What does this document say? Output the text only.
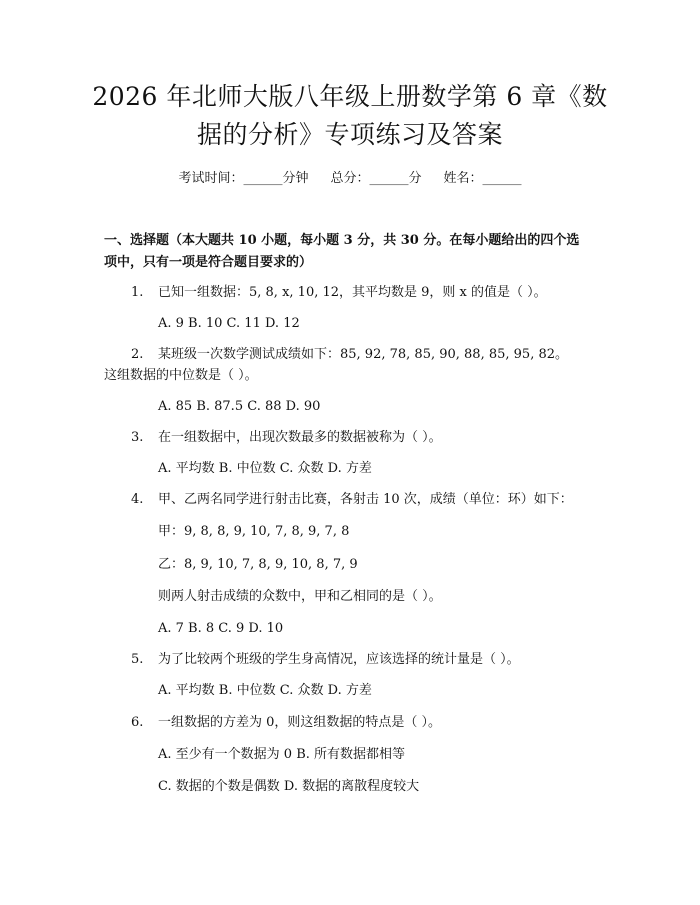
2026 年北师大版八年级上册数学第 6 章《数
据的分析》专项练习及答案
考试时间：______分钟 总分：______分 姓名：______
一、选择题（本大题共 10 小题，每小题 3 分，共 30 分。在每小题给出的四个选
项中，只有一项是符合题目要求的）
1. 已知一组数据：5, 8, x, 10, 12，其平均数是 9，则 x 的值是（ ）。
A. 9 B. 10 C. 11 D. 12
2. 某班级一次数学测试成绩如下：85, 92, 78, 85, 90, 88, 85, 95, 82。
这组数据的中位数是（ ）。
A. 85 B. 87.5 C. 88 D. 90
3. 在一组数据中，出现次数最多的数据被称为（ ）。
A. 平均数 B. 中位数 C. 众数 D. 方差
4. 甲、乙两名同学进行射击比赛，各射击 10 次，成绩（单位：环）如下：
甲：9, 8, 8, 9, 10, 7, 8, 9, 7, 8
乙：8, 9, 10, 7, 8, 9, 10, 8, 7, 9
则两人射击成绩的众数中，甲和乙相同的是（ ）。
A. 7 B. 8 C. 9 D. 10
5. 为了比较两个班级的学生身高情况，应该选择的统计量是（ ）。
A. 平均数 B. 中位数 C. 众数 D. 方差
6. 一组数据的方差为 0，则这组数据的特点是（ ）。
A. 至少有一个数据为 0 B. 所有数据都相等
C. 数据的个数是偶数 D. 数据的离散程度较大
